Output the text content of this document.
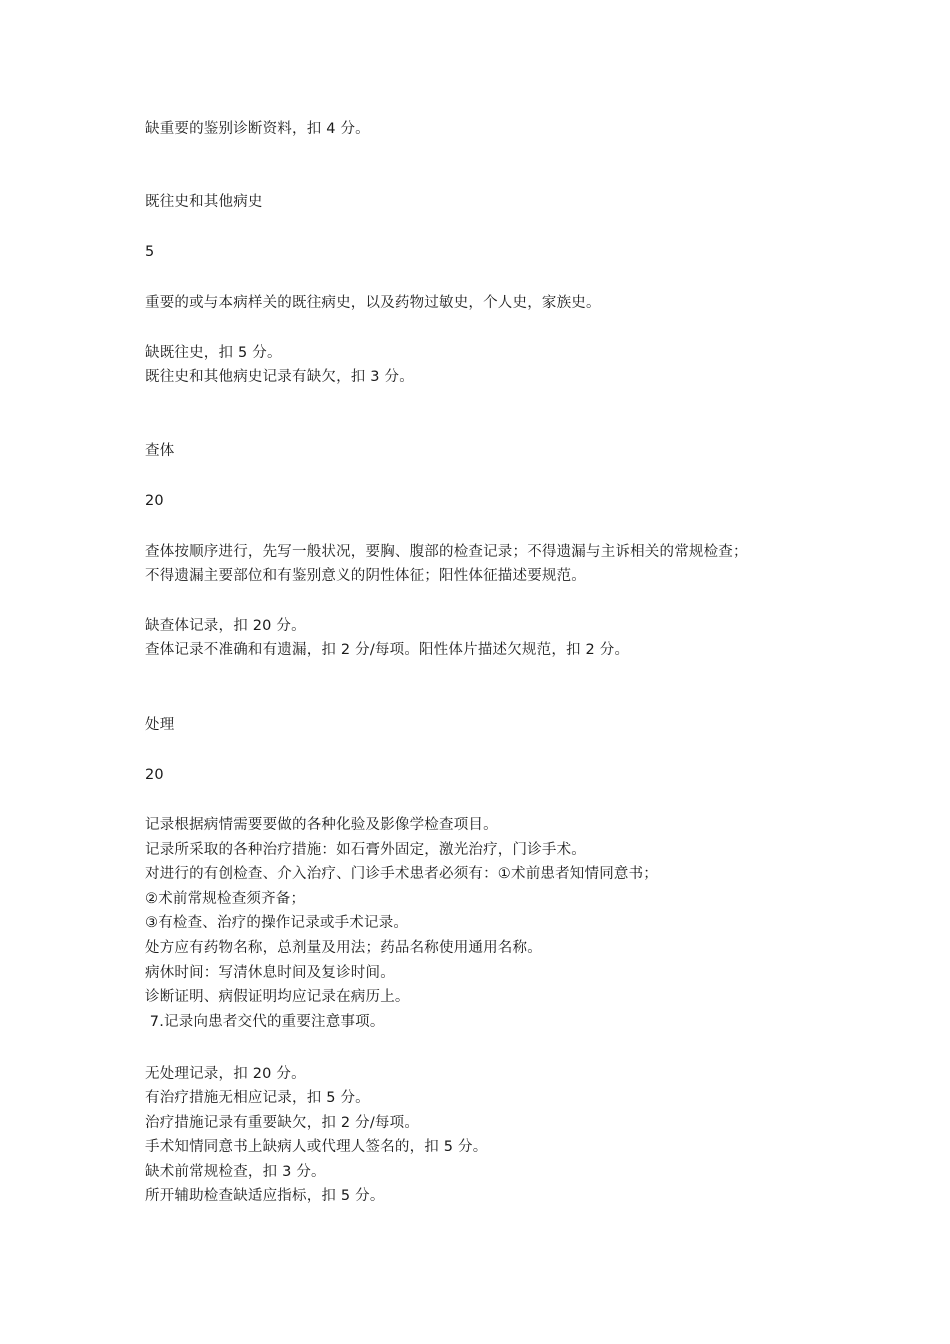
缺重要的鉴别诊断资料，扣 4 分。
既往史和其他病史
5
重要的或与本病样关的既往病史，以及药物过敏史，个人史，家族史。
缺既往史，扣 5 分。
既往史和其他病史记录有缺欠，扣 3 分。
查体
20
查体按顺序进行，先写一般状况，要胸、腹部的检查记录；不得遗漏与主诉相关的常规检查；
不得遗漏主要部位和有鉴别意义的阴性体征；阳性体征描述要规范。
缺查体记录，扣 20 分。
查体记录不准确和有遗漏，扣 2 分/每项。阳性体片描述欠规范，扣 2 分。
处理
20
记录根据病情需要要做的各种化验及影像学检查项目。
记录所采取的各种治疗措施：如石膏外固定，激光治疗，门诊手术。
对进行的有创检查、介入治疗、门诊手术患者必须有：①术前患者知情同意书；
②术前常规检查须齐备；
③有检查、治疗的操作记录或手术记录。
处方应有药物名称，总剂量及用法；药品名称使用通用名称。
病休时间：写清休息时间及复诊时间。
诊断证明、病假证明均应记录在病历上。
7.记录向患者交代的重要注意事项。
无处理记录，扣 20 分。
有治疗措施无相应记录，扣 5 分。
治疗措施记录有重要缺欠，扣 2 分/每项。
手术知情同意书上缺病人或代理人签名的，扣 5 分。
缺术前常规检查，扣 3 分。
所开辅助检查缺适应指标，扣 5 分。
